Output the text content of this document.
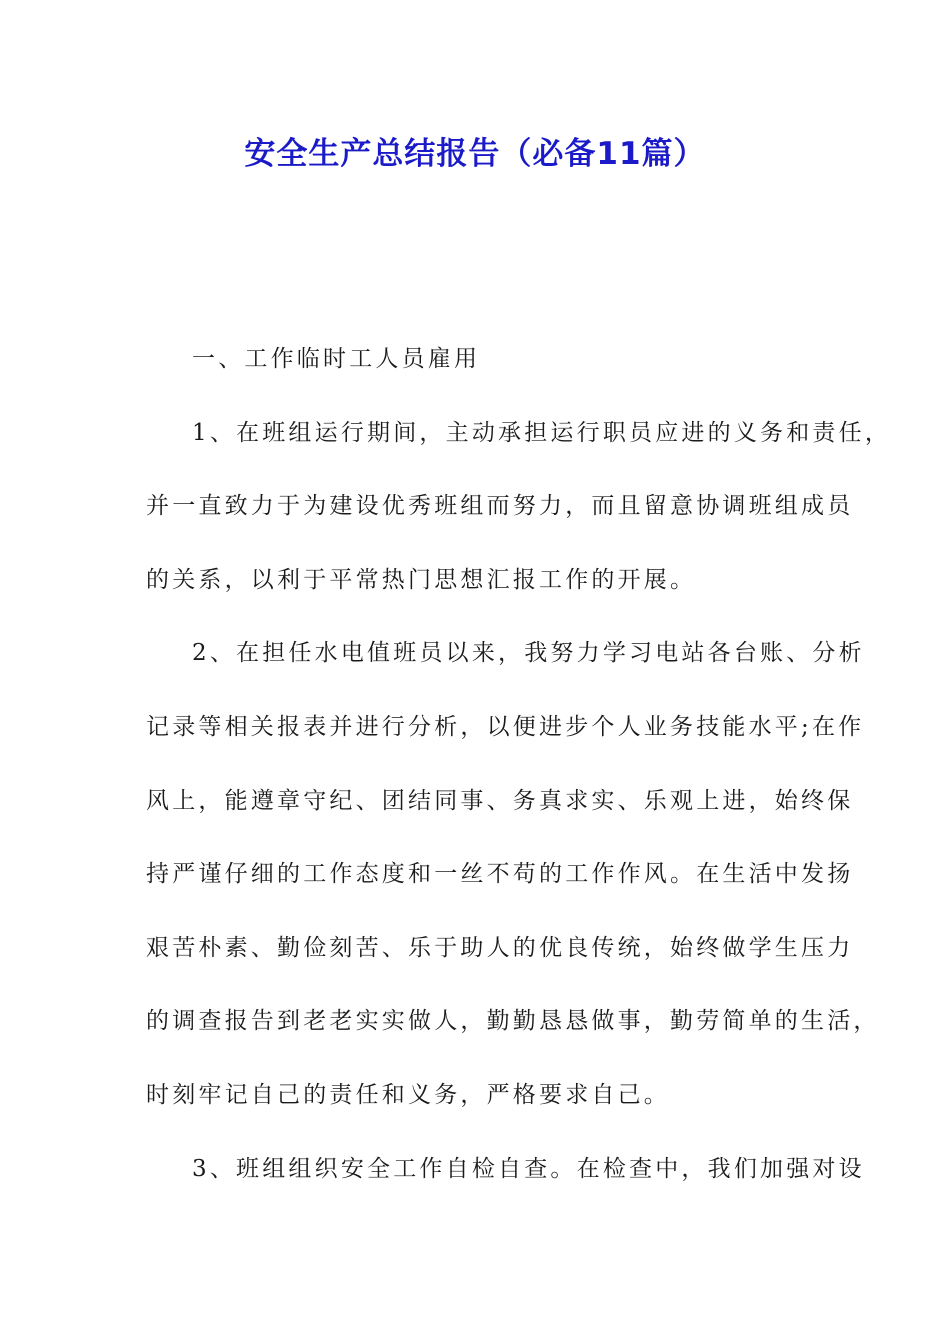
安全生产总结报告（必备11篇）
一、工作临时工人员雇用
1、在班组运行期间，主动承担运行职员应进的义务和责任，
并一直致力于为建设优秀班组而努力，而且留意协调班组成员
的关系，以利于平常热门思想汇报工作的开展。
2、在担任水电值班员以来，我努力学习电站各台账、分析
记录等相关报表并进行分析，以便进步个人业务技能水平;在作
风上，能遵章守纪、团结同事、务真求实、乐观上进，始终保
持严谨仔细的工作态度和一丝不苟的工作作风。在生活中发扬
艰苦朴素、勤俭刻苦、乐于助人的优良传统，始终做学生压力
的调查报告到老老实实做人，勤勤恳恳做事，勤劳简单的生活，
时刻牢记自己的责任和义务，严格要求自己。
3、班组组织安全工作自检自查。在检查中，我们加强对设
